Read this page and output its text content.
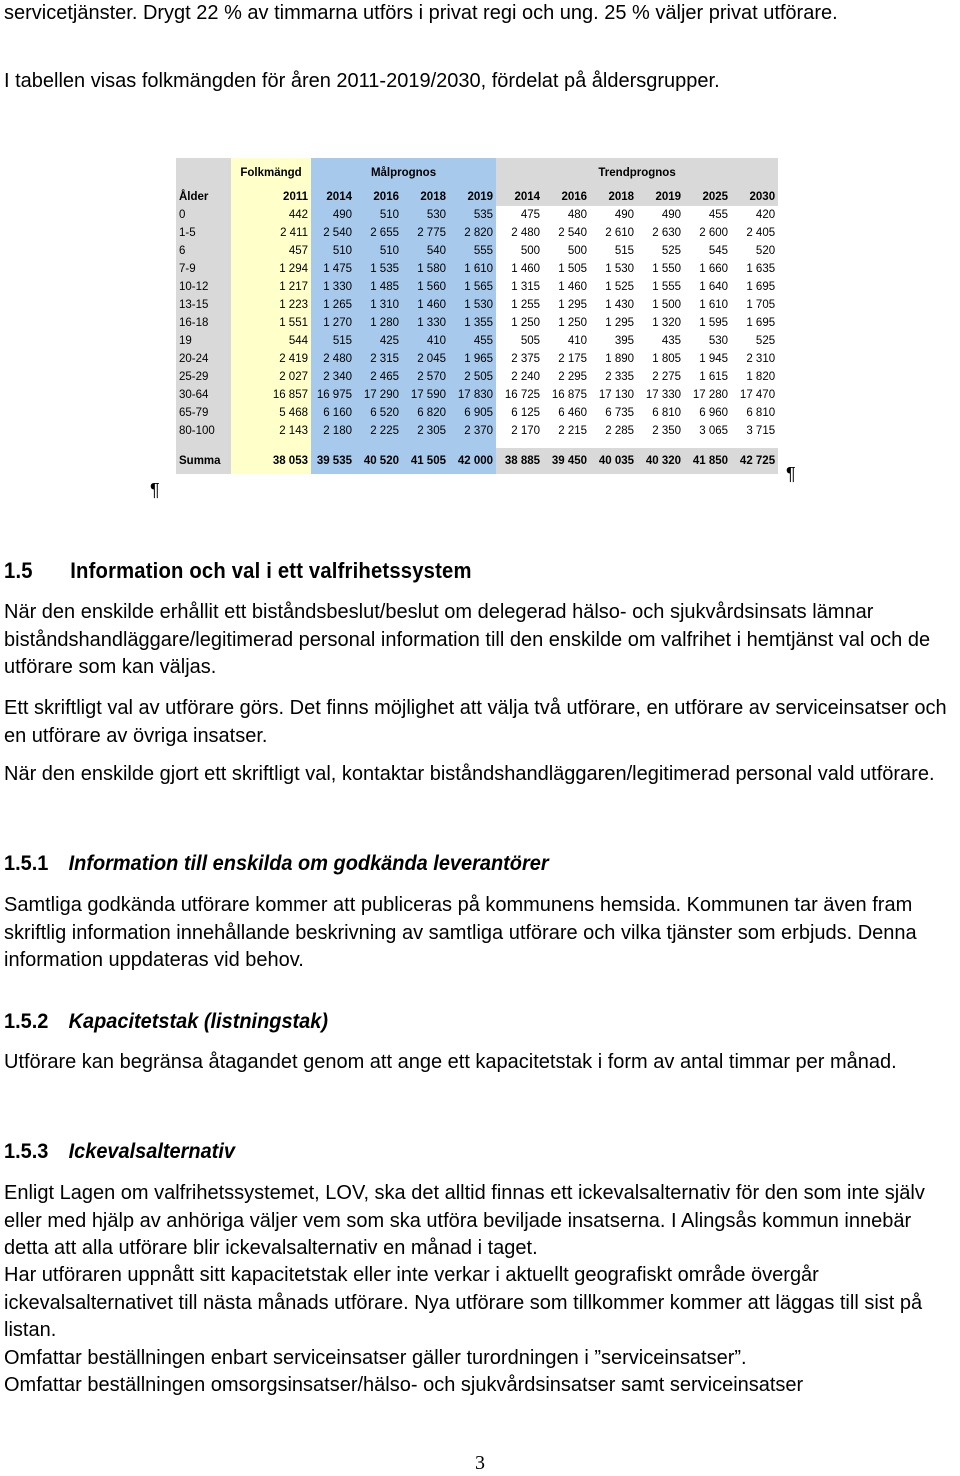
servicetjänster. Drygt 22 % av timmarna utförs i privat regi och ung. 25 % väljer privat utförare.

I tabellen visas folkmängden för åren 2011-2019/2030, fördelat på åldersgrupper.

	Folkmängd	Målprognos				Trendprognos					
Ålder	2011	2014	2016	2018	2019	2014	2016	2018	2019	2025	2030
0	442	490	510	530	535	475	480	490	490	455	420
1-5	2 411	2 540	2 655	2 775	2 820	2 480	2 540	2 610	2 630	2 600	2 405
6	457	510	510	540	555	500	500	515	525	545	520
7-9	1 294	1 475	1 535	1 580	1 610	1 460	1 505	1 530	1 550	1 660	1 635
10-12	1 217	1 330	1 485	1 560	1 565	1 315	1 460	1 525	1 555	1 640	1 695
13-15	1 223	1 265	1 310	1 460	1 530	1 255	1 295	1 430	1 500	1 610	1 705
16-18	1 551	1 270	1 280	1 330	1 355	1 250	1 250	1 295	1 320	1 595	1 695
19	544	515	425	410	455	505	410	395	435	530	525
20-24	2 419	2 480	2 315	2 045	1 965	2 375	2 175	1 890	1 805	1 945	2 310
25-29	2 027	2 340	2 465	2 570	2 505	2 240	2 295	2 335	2 275	1 615	1 820
30-64	16 857	16 975	17 290	17 590	17 830	16 725	16 875	17 130	17 330	17 280	17 470
65-79	5 468	6 160	6 520	6 820	6 905	6 125	6 460	6 735	6 810	6 960	6 810
80-100	2 143	2 180	2 225	2 305	2 370	2 170	2 215	2 285	2 350	3 065	3 715

Summa	38 053	39 535	40 520	41 505	42 000	38 885	39 450	40 035	40 320	41 850	42 725
¶
¶
1.5 Information och val i ett valfrihetssystem

När den enskilde erhållit ett biståndsbeslut/beslut om delegerad hälso- och sjukvårdsinsats lämnar biståndshandläggare/legitimerad personal information till den enskilde om valfrihet i hemtjänst val och de utförare som kan väljas.

Ett skriftligt val av utförare görs. Det finns möjlighet att välja två utförare, en utförare av serviceinsatser och en utförare av övriga insatser.

När den enskilde gjort ett skriftligt val, kontaktar biståndshandläggaren/legitimerad personal vald utförare.

1.5.1 Information till enskilda om godkända leverantörer

Samtliga godkända utförare kommer att publiceras på kommunens hemsida. Kommunen tar även fram skriftlig information innehållande beskrivning av samtliga utförare och vilka tjänster som erbjuds. Denna information uppdateras vid behov.

1.5.2 Kapacitetstak (listningstak)

Utförare kan begränsa åtagandet genom att ange ett kapacitetstak i form av antal timmar per månad.

1.5.3 Ickevalsalternativ

Enligt Lagen om valfrihetssystemet, LOV, ska det alltid finnas ett ickevalsalternativ för den som inte själv eller med hjälp av anhöriga väljer vem som ska utföra beviljade insatserna. I Alingsås kommun innebär detta att alla utförare blir ickevalsalternativ en månad i taget.

Har utföraren uppnått sitt kapacitetstak eller inte verkar i aktuellt geografiskt område övergår ickevalsalternativet till nästa månads utförare. Nya utförare som tillkommer kommer att läggas till sist på listan.

Omfattar beställningen enbart serviceinsatser gäller turordningen i ”serviceinsatser”.

Omfattar beställningen omsorgsinsatser/hälso- och sjukvårdsinsatser samt serviceinsatser

3
